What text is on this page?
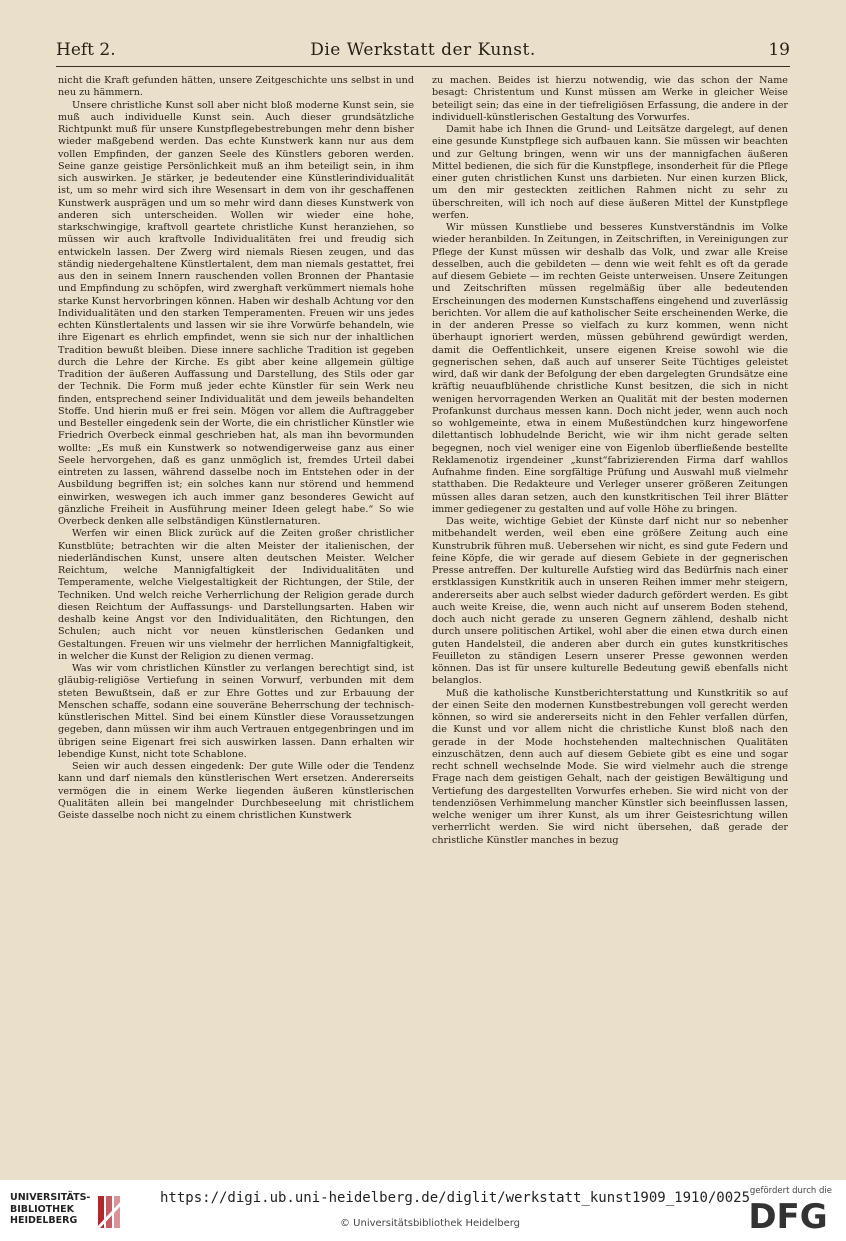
Heft 2.	Die Werkstatt der Kunst.	19

nicht die Kraft gefunden hätten, unsere Zeitgeschichte uns selbst in und neu zu hämmern.

Unsere christliche Kunst soll aber nicht bloß moderne Kunst sein, sie muß auch individuelle Kunst sein. Auch dieser grundsätzliche Richtpunkt muß für unsere Kunstpflegebestrebungen mehr denn bisher wieder maßgebend werden. Das echte Kunstwerk kann nur aus dem vollen Empfinden, der ganzen Seele des Künstlers geboren werden. Seine ganze geistige Persönlichkeit muß an ihm beteiligt sein, in ihm sich auswirken. Je stärker, je bedeutender eine Künstlerindividualität ist, um so mehr wird sich ihre Wesensart in dem von ihr geschaffenen Kunstwerk ausprägen und um so mehr wird dann dieses Kunstwerk von anderen sich unterscheiden. Wollen wir wieder eine hohe, starkschwingige, kraftvoll geartete christliche Kunst heranziehen, so müssen wir auch kraftvolle Individualitäten frei und freudig sich entwickeln lassen. Der Zwerg wird niemals Riesen zeugen, und das ständig niedergehaltene Künstlertalent, dem man niemals gestattet, frei aus den in seinem Innern rauschenden vollen Bronnen der Phantasie und Empfindung zu schöpfen, wird zwerghaft verkümmert niemals hohe starke Kunst hervorbringen können. Haben wir deshalb Achtung vor den Individualitäten und den starken Temperamenten. Freuen wir uns jedes echten Künstlertalents und lassen wir sie ihre Vorwürfe behandeln, wie ihre Eigenart es ehrlich empfindet, wenn sie sich nur der inhaltlichen Tradition bewußt bleiben. Diese innere sachliche Tradition ist gegeben durch die Lehre der Kirche. Es gibt aber keine allgemein gültige Tradition der äußeren Auffassung und Darstellung, des Stils oder gar der Technik. Die Form muß jeder echte Künstler für sein Werk neu finden, entsprechend seiner Individualität und dem jeweils behandelten Stoffe. Und hierin muß er frei sein. Mögen vor allem die Auftraggeber und Besteller eingedenk sein der Worte, die ein christlicher Künstler wie Friedrich Overbeck einmal geschrieben hat, als man ihn bevormunden wollte: „Es muß ein Kunstwerk so notwendigerweise ganz aus einer Seele hervorgehen, daß es ganz unmöglich ist, fremdes Urteil dabei eintreten zu lassen, während dasselbe noch im Entstehen oder in der Ausbildung begriffen ist; ein solches kann nur störend und hemmend einwirken, weswegen ich auch immer ganz besonderes Gewicht auf gänzliche Freiheit in Ausführung meiner Ideen gelegt habe.“ So wie Overbeck denken alle selbständigen Künstlernaturen.

Werfen wir einen Blick zurück auf die Zeiten großer christlicher Kunstblüte; betrachten wir die alten Meister der italienischen, der niederländischen Kunst, unsere alten deutschen Meister. Welcher Reichtum, welche Mannigfaltigkeit der Individualitäten und Temperamente, welche Vielgestaltigkeit der Richtungen, der Stile, der Techniken. Und welch reiche Verherrlichung der Religion gerade durch diesen Reichtum der Auffassungs- und Darstellungsarten. Haben wir deshalb keine Angst vor den Individualitäten, den Richtungen, den Schulen; auch nicht vor neuen künstlerischen Gedanken und Gestaltungen. Freuen wir uns vielmehr der herrlichen Mannigfaltigkeit, in welcher die Kunst der Religion zu dienen vermag.

Was wir vom christlichen Künstler zu verlangen berechtigt sind, ist gläubig-religiöse Vertiefung in seinen Vorwurf, verbunden mit dem steten Bewußtsein, daß er zur Ehre Gottes und zur Erbauung der Menschen schaffe, sodann eine souveräne Beherrschung der technisch-künstlerischen Mittel. Sind bei einem Künstler diese Voraussetzungen gegeben, dann müssen wir ihm auch Vertrauen entgegenbringen und im übrigen seine Eigenart frei sich auswirken lassen. Dann erhalten wir lebendige Kunst, nicht tote Schablone.

Seien wir auch dessen eingedenk: Der gute Wille oder die Tendenz kann und darf niemals den künstlerischen Wert ersetzen. Andererseits vermögen die in einem Werke liegenden äußeren künstlerischen Qualitäten allein bei mangelnder Durchbeseelung mit christlichem Geiste dasselbe noch nicht zu einem christlichen Kunstwerk

zu machen. Beides ist hierzu notwendig, wie das schon der Name besagt: Christentum und Kunst müssen am Werke in gleicher Weise beteiligt sein; das eine in der tiefreligiösen Erfassung, die andere in der individuell-künstlerischen Gestaltung des Vorwurfes.

Damit habe ich Ihnen die Grund- und Leitsätze dargelegt, auf denen eine gesunde Kunstpflege sich aufbauen kann. Sie müssen wir beachten und zur Geltung bringen, wenn wir uns der mannigfachen äußeren Mittel bedienen, die sich für die Kunstpflege, insonderheit für die Pflege einer guten christlichen Kunst uns darbieten. Nur einen kurzen Blick, um den mir gesteckten zeitlichen Rahmen nicht zu sehr zu überschreiten, will ich noch auf diese äußeren Mittel der Kunstpflege werfen.

Wir müssen Kunstliebe und besseres Kunstverständnis im Volke wieder heranbilden. In Zeitungen, in Zeitschriften, in Vereinigungen zur Pflege der Kunst müssen wir deshalb das Volk, und zwar alle Kreise desselben, auch die gebildeten — denn wie weit fehlt es oft da gerade auf diesem Gebiete — im rechten Geiste unterweisen. Unsere Zeitungen und Zeitschriften müssen regelmäßig über alle bedeutenden Erscheinungen des modernen Kunstschaffens eingehend und zuverlässig berichten. Vor allem die auf katholischer Seite erscheinenden Werke, die in der anderen Presse so vielfach zu kurz kommen, wenn nicht überhaupt ignoriert werden, müssen gebührend gewürdigt werden, damit die Oeffentlichkeit, unsere eigenen Kreise sowohl wie die gegnerischen sehen, daß auch auf unserer Seite Tüchtiges geleistet wird, daß wir dank der Befolgung der eben dargelegten Grundsätze eine kräftig neuaufblühende christliche Kunst besitzen, die sich in nicht wenigen hervorragenden Werken an Qualität mit der besten modernen Profankunst durchaus messen kann. Doch nicht jeder, wenn auch noch so wohlgemeinte, etwa in einem Mußestündchen kurz hingeworfene dilettantisch lobhudelnde Bericht, wie wir ihm nicht gerade selten begegnen, noch viel weniger eine von Eigenlob überfließende bestellte Reklamenotiz irgendeiner „kunst“fabrizierenden Firma darf wahllos Aufnahme finden. Eine sorgfältige Prüfung und Auswahl muß vielmehr statthaben. Die Redakteure und Verleger unserer größeren Zeitungen müssen alles daran setzen, auch den kunstkritischen Teil ihrer Blätter immer gediegener zu gestalten und auf volle Höhe zu bringen.

Das weite, wichtige Gebiet der Künste darf nicht nur so nebenher mitbehandelt werden, weil eben eine größere Zeitung auch eine Kunstrubrik führen muß. Uebersehen wir nicht, es sind gute Federn und feine Köpfe, die wir gerade auf diesem Gebiete in der gegnerischen Presse antreffen. Der kulturelle Aufstieg wird das Bedürfnis nach einer erstklassigen Kunstkritik auch in unseren Reihen immer mehr steigern, andererseits aber auch selbst wieder dadurch gefördert werden. Es gibt auch weite Kreise, die, wenn auch nicht auf unserem Boden stehend, doch auch nicht gerade zu unseren Gegnern zählend, deshalb nicht durch unsere politischen Artikel, wohl aber die einen etwa durch einen guten Handelsteil, die anderen aber durch ein gutes kunstkritisches Feuilleton zu ständigen Lesern unserer Presse gewonnen werden können. Das ist für unsere kulturelle Bedeutung gewiß ebenfalls nicht belanglos.

Muß die katholische Kunstberichterstattung und Kunstkritik so auf der einen Seite den modernen Kunstbestrebungen voll gerecht werden können, so wird sie andererseits nicht in den Fehler verfallen dürfen, die Kunst und vor allem nicht die christliche Kunst bloß nach den gerade in der Mode hochstehenden maltechnischen Qualitäten einzuschätzen, denn auch auf diesem Gebiete gibt es eine und sogar recht schnell wechselnde Mode. Sie wird vielmehr auch die strenge Frage nach dem geistigen Gehalt, nach der geistigen Bewältigung und Vertiefung des dargestellten Vorwurfes erheben. Sie wird nicht von der tendenziösen Verhimmelung mancher Künstler sich beeinflussen lassen, welche weniger um ihrer Kunst, als um ihrer Geistesrichtung willen verherrlicht werden. Sie wird nicht übersehen, daß gerade der christliche Künstler manches in bezug

UNIVERSITÄTS-
BIBLIOTHEK
HEIDELBERG
https://digi.ub.uni-heidelberg.de/diglit/werkstatt_kunst1909_1910/0025
© Universitätsbibliothek Heidelberg
gefördert durch die
DFG
